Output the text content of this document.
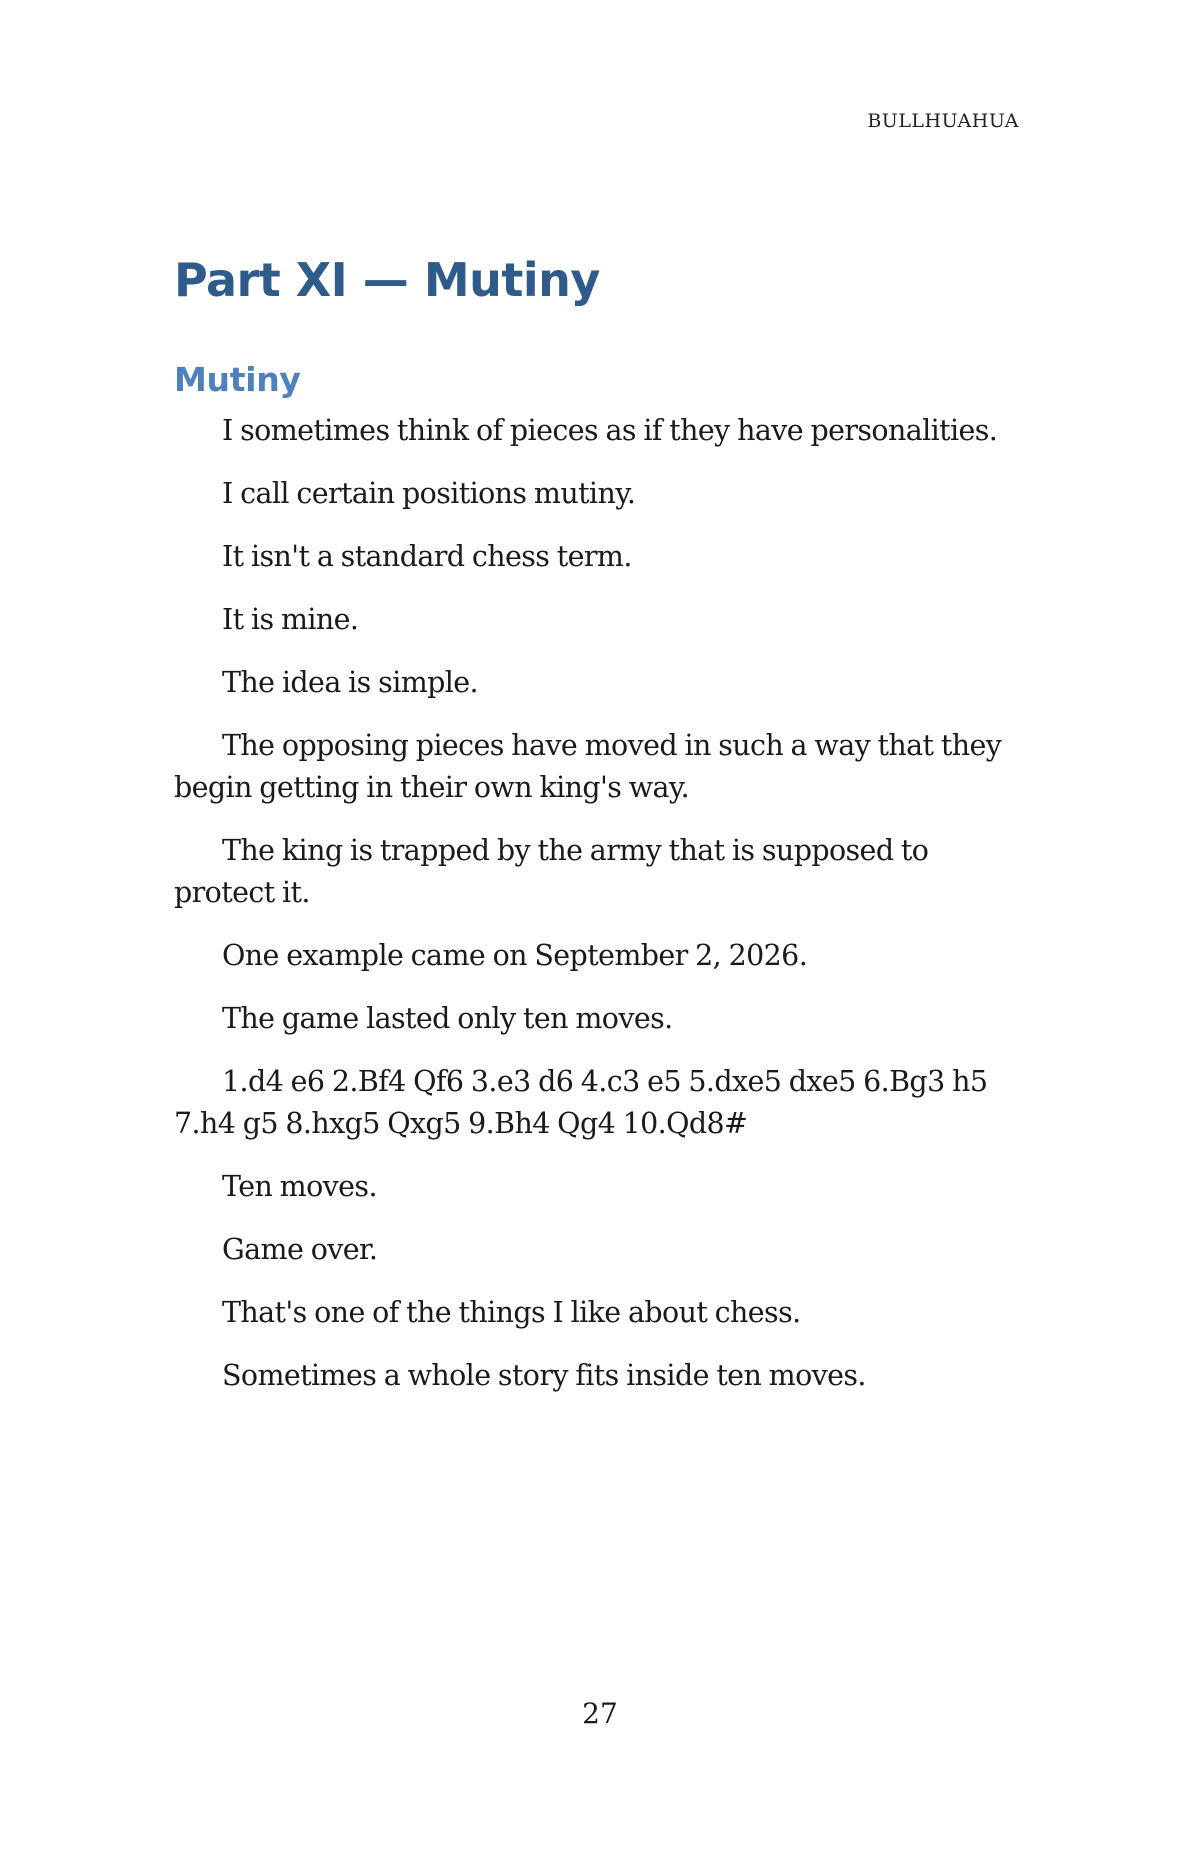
BULLHUAHUA
Part XI — Mutiny
Mutiny

I sometimes think of pieces as if they have personalities.

I call certain positions mutiny.

It isn't a standard chess term.

It is mine.

The idea is simple.

The opposing pieces have moved in such a way that they begin getting in their own king's way.

The king is trapped by the army that is supposed to protect it.

One example came on September 2, 2026.

The game lasted only ten moves.

1.d4 e6 2.Bf4 Qf6 3.e3 d6 4.c3 e5 5.dxe5 dxe5 6.Bg3 h5 7.h4 g5 8.hxg5 Qxg5 9.Bh4 Qg4 10.Qd8#

Ten moves.

Game over.

That's one of the things I like about chess.

Sometimes a whole story fits inside ten moves.

27
